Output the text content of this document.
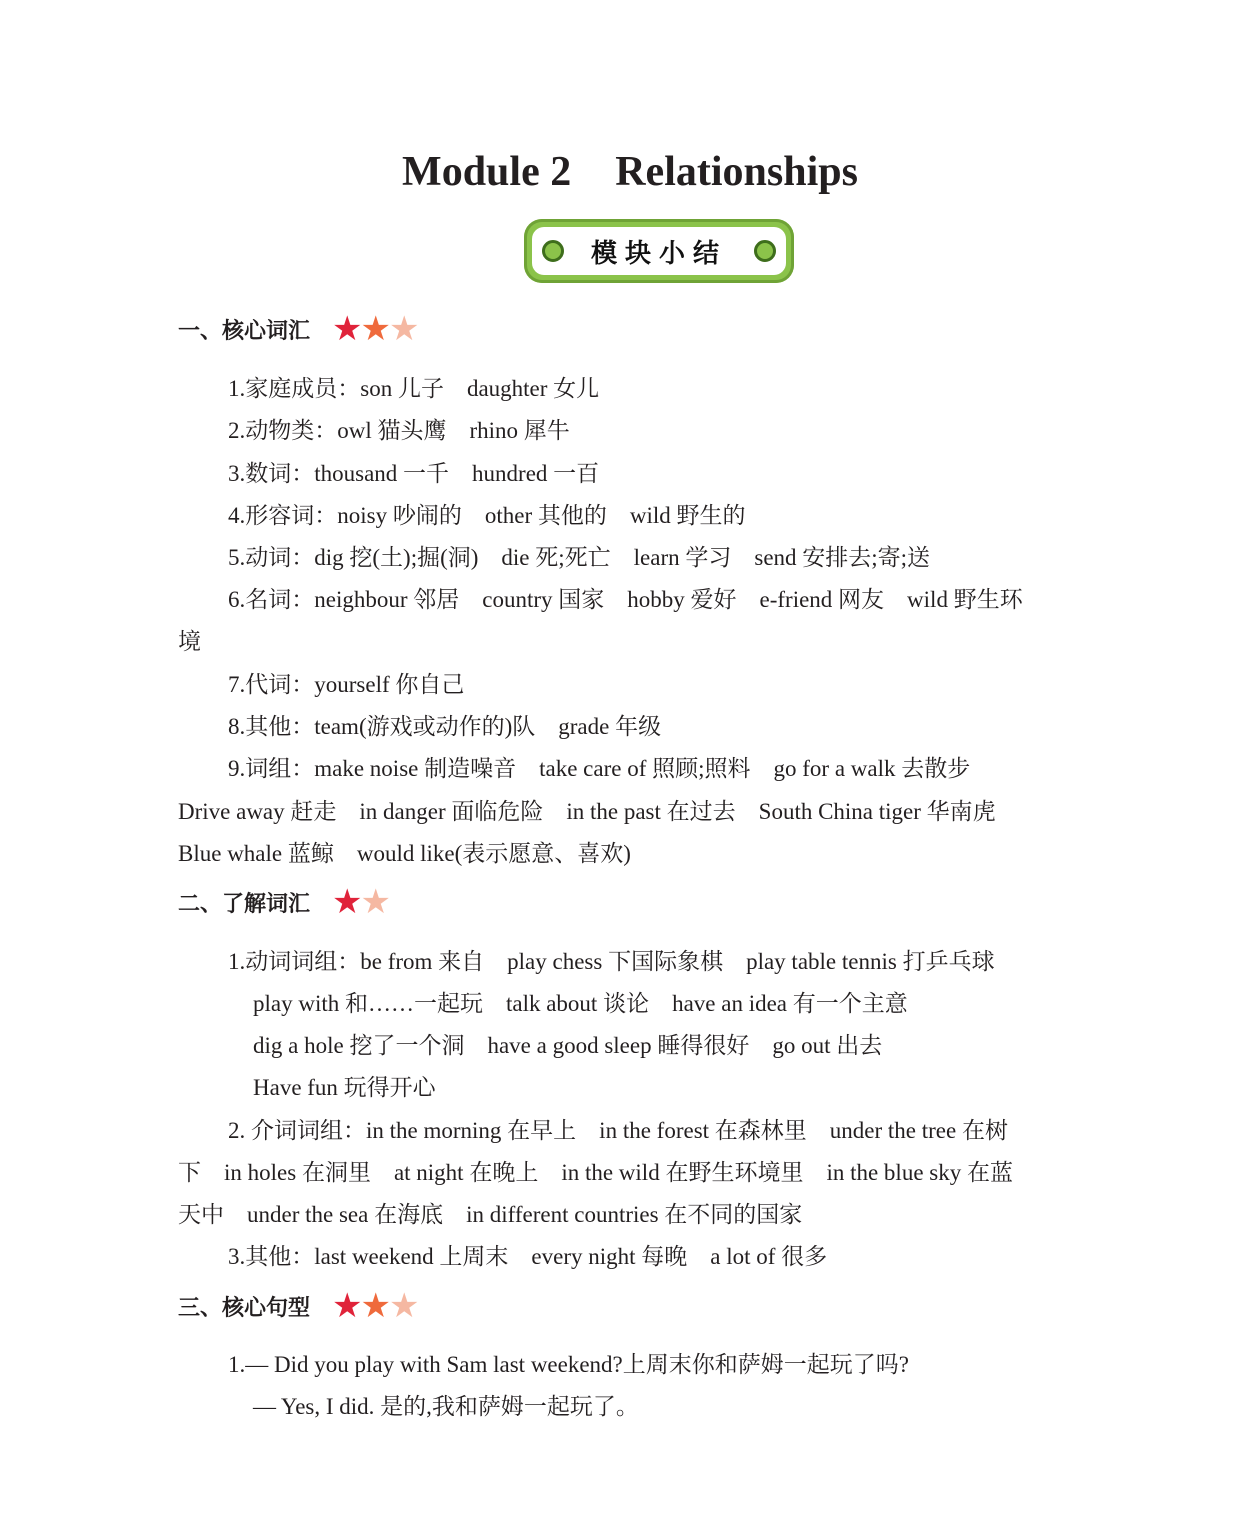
Module 2 Relationships
模块小结
一、核心词汇 ★
★
★
1.家庭成员：son 儿子　daughter 女儿
2.动物类：owl 猫头鹰　rhino 犀牛
3.数词：thousand 一千　hundred 一百
4.形容词：noisy 吵闹的　other 其他的　wild 野生的
5.动词：dig 挖(土);掘(洞)　die 死;死亡　learn 学习　send 安排去;寄;送
6.名词：neighbour 邻居　country 国家　hobby 爱好　e-friend 网友　wild 野生环
境
7.代词：yourself 你自己
8.其他：team(游戏或动作的)队　grade 年级
9.词组：make noise 制造噪音　take care of 照顾;照料　go for a walk 去散步
Drive away 赶走　in danger 面临危险　in the past 在过去　South China tiger 华南虎
Blue whale 蓝鲸　would like(表示愿意、喜欢)
二、了解词汇 ★
★
1.动词词组：be from 来自　play chess 下国际象棋　play table tennis 打乒乓球
play with 和……一起玩　talk about 谈论　have an idea 有一个主意
dig a hole 挖了一个洞　have a good sleep 睡得很好　go out 出去
Have fun 玩得开心
2. 介词词组：in the morning 在早上　in the forest 在森林里　under the tree 在树
下　in holes 在洞里　at night 在晚上　in the wild 在野生环境里　in the blue sky 在蓝
天中　under the sea 在海底　in different countries 在不同的国家
3.其他：last weekend 上周末　every night 每晚　a lot of 很多
三、核心句型 ★
★
★
1.— Did you play with Sam last weekend?上周末你和萨姆一起玩了吗?
— Yes, I did. 是的,我和萨姆一起玩了。
